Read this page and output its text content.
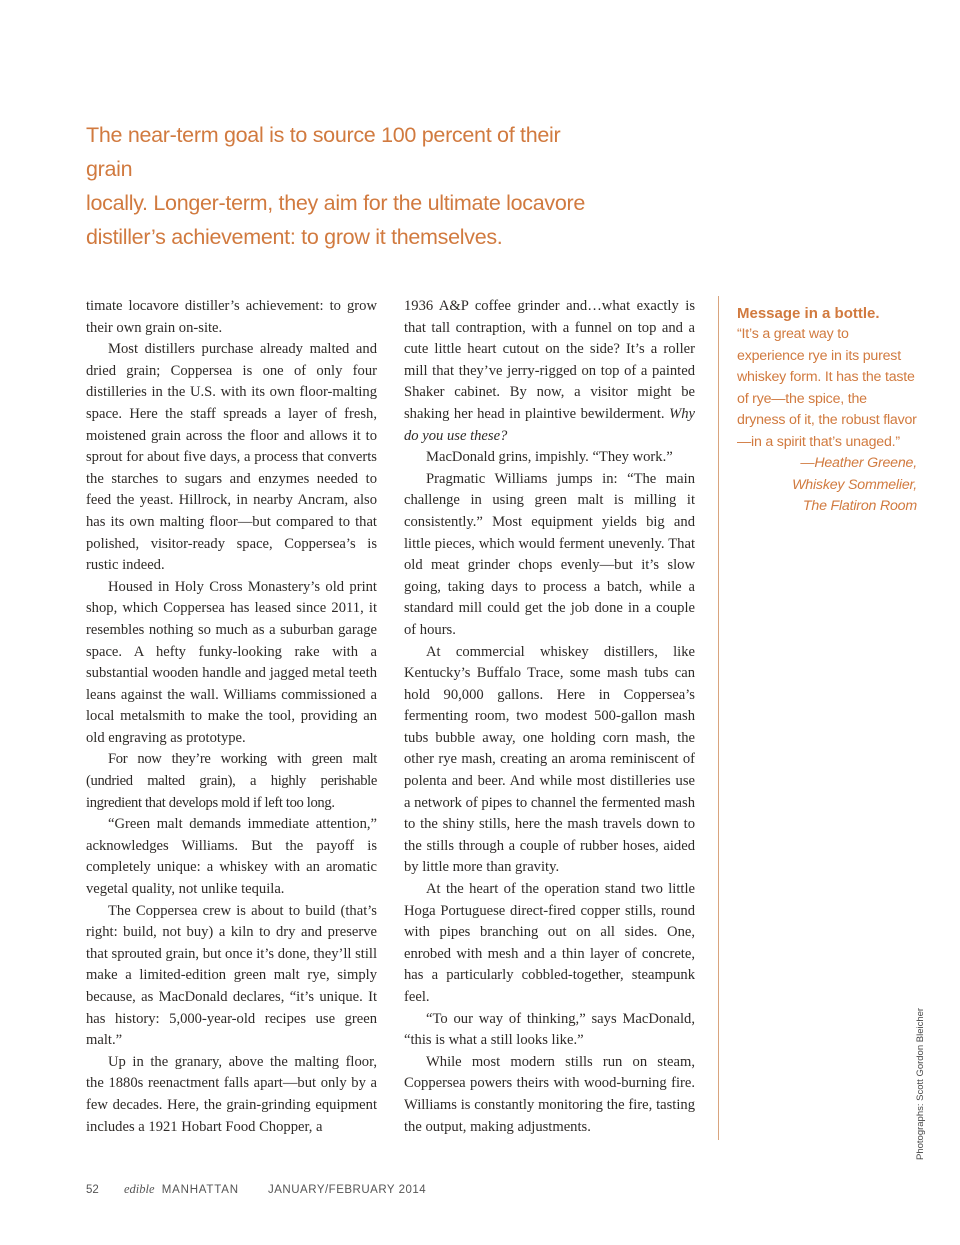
The near-term goal is to source 100 percent of their grain
locally. Longer-term, they aim for the ultimate locavore
distiller’s achievement: to grow it themselves.

timate locavore distiller’s achievement: to grow their own grain on-site.

Most distillers purchase already malted and dried grain; Coppersea is one of only four distilleries in the U.S. with its own floor-malting space. Here the staff spreads a layer of fresh, moistened grain across the floor and allows it to sprout for about five days, a process that converts the starches to sugars and enzymes needed to feed the yeast. Hillrock, in nearby Ancram, also has its own malting floor—but compared to that polished, visitor-ready space, Coppersea’s is rustic indeed.

Housed in Holy Cross Monastery’s old print shop, which Coppersea has leased since 2011, it resembles nothing so much as a suburban garage space. A hefty funky-looking rake with a substantial wooden handle and jagged metal teeth leans against the wall. Williams commissioned a local metalsmith to make the tool, providing an old engraving as prototype.

For now they’re working with green malt (undried malted grain), a highly perishable ingredient that develops mold if left too long.

“Green malt demands immediate attention,” acknowledges Williams. But the payoff is completely unique: a whiskey with an aromatic vegetal quality, not unlike tequila.

The Coppersea crew is about to build (that’s right: build, not buy) a kiln to dry and preserve that sprouted grain, but once it’s done, they’ll still make a limited-edition green malt rye, simply because, as MacDonald declares, “it’s unique. It has history: 5,000-year-old recipes use green malt.”

Up in the granary, above the malting floor, the 1880s reenactment falls apart—but only by a few decades. Here, the grain-grinding equipment includes a 1921 Hobart Food Chopper, a

1936 A&P coffee grinder and…what exactly is that tall contraption, with a funnel on top and a cute little heart cutout on the side? It’s a roller mill that they’ve jerry-rigged on top of a painted Shaker cabinet. By now, a visitor might be shaking her head in plaintive bewilderment. Why do you use these?

MacDonald grins, impishly. “They work.”

Pragmatic Williams jumps in: “The main challenge in using green malt is milling it consistently.” Most equipment yields big and little pieces, which would ferment unevenly. That old meat grinder chops evenly—but it’s slow going, taking days to process a batch, while a standard mill could get the job done in a couple of hours.

At commercial whiskey distillers, like Kentucky’s Buffalo Trace, some mash tubs can hold 90,000 gallons. Here in Coppersea’s fermenting room, two modest 500-gallon mash tubs bubble away, one holding corn mash, the other rye mash, creating an aroma reminiscent of polenta and beer. And while most distilleries use a network of pipes to channel the fermented mash to the shiny stills, here the mash travels down to the stills through a couple of rubber hoses, aided by little more than gravity.

At the heart of the operation stand two little Hoga Portuguese direct-fired copper stills, round with pipes branching out on all sides. One, enrobed with mesh and a thin layer of concrete, has a particularly cobbled-together, steampunk feel.

“To our way of thinking,” says MacDonald, “this is what a still looks like.”

While most modern stills run on steam, Coppersea powers theirs with wood-burning fire. Williams is constantly monitoring the fire, tasting the output, making adjustments.

Message in a bottle.
“It’s a great way to experience rye in its purest whiskey form. It has the taste of rye—the spice, the dryness of it, the robust flavor—in a spirit that’s unaged.”
—Heather Greene,
Whiskey Sommelier,
The Flatiron Room
Photographs: Scott Gordon Bleicher
52 edible MANHATTAN	JANUARY/FEBRUARY 2014
